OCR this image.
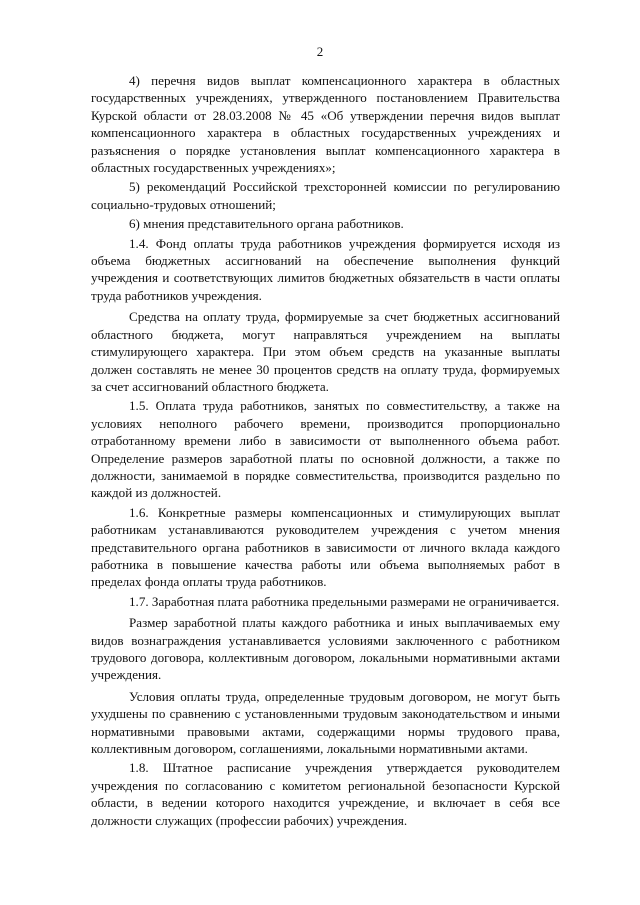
2

4) перечня видов выплат компенсационного характера в областных государственных учреждениях, утвержденного постановлением Правительства Курской области от 28.03.2008 № 45 «Об утверждении перечня видов выплат компенсационного характера в областных государственных учреждениях и разъяснения о порядке установления выплат компенсационного характера в областных государственных учреждениях»;

5) рекомендаций Российской трехсторонней комиссии по регулированию социально-трудовых отношений;

6) мнения представительного органа работников.

1.4. Фонд оплаты труда работников учреждения формируется исходя из объема бюджетных ассигнований на обеспечение выполнения функций учреждения и соответствующих лимитов бюджетных обязательств в части оплаты труда работников учреждения.

Средства на оплату труда, формируемые за счет бюджетных ассигнований областного бюджета, могут направляться учреждением на выплаты стимулирующего характера. При этом объем средств на указанные выплаты должен составлять не менее 30 процентов средств на оплату труда, формируемых за счет ассигнований областного бюджета.

1.5. Оплата труда работников, занятых по совместительству, а также на условиях неполного рабочего времени, производится пропорционально отработанному времени либо в зависимости от выполненного объема работ. Определение размеров заработной платы по основной должности, а также по должности, занимаемой в порядке совместительства, производится раздельно по каждой из должностей.

1.6. Конкретные размеры компенсационных и стимулирующих выплат работникам устанавливаются руководителем учреждения с учетом мнения представительного органа работников в зависимости от личного вклада каждого работника в повышение качества работы или объема выполняемых работ в пределах фонда оплаты труда работников.

1.7. Заработная плата работника предельными размерами не ограничивается.

Размер заработной платы каждого работника и иных выплачиваемых ему видов вознаграждения устанавливается условиями заключенного с работником трудового договора, коллективным договором, локальными нормативными актами учреждения.

Условия оплаты труда, определенные трудовым договором, не могут быть ухудшены по сравнению с установленными трудовым законодательством и иными нормативными правовыми актами, содержащими нормы трудового права, коллективным договором, соглашениями, локальными нормативными актами.

1.8. Штатное расписание учреждения утверждается руководителем учреждения по согласованию с комитетом региональной безопасности Курской области, в ведении которого находится учреждение, и включает в себя все должности служащих (профессии рабочих) учреждения.
